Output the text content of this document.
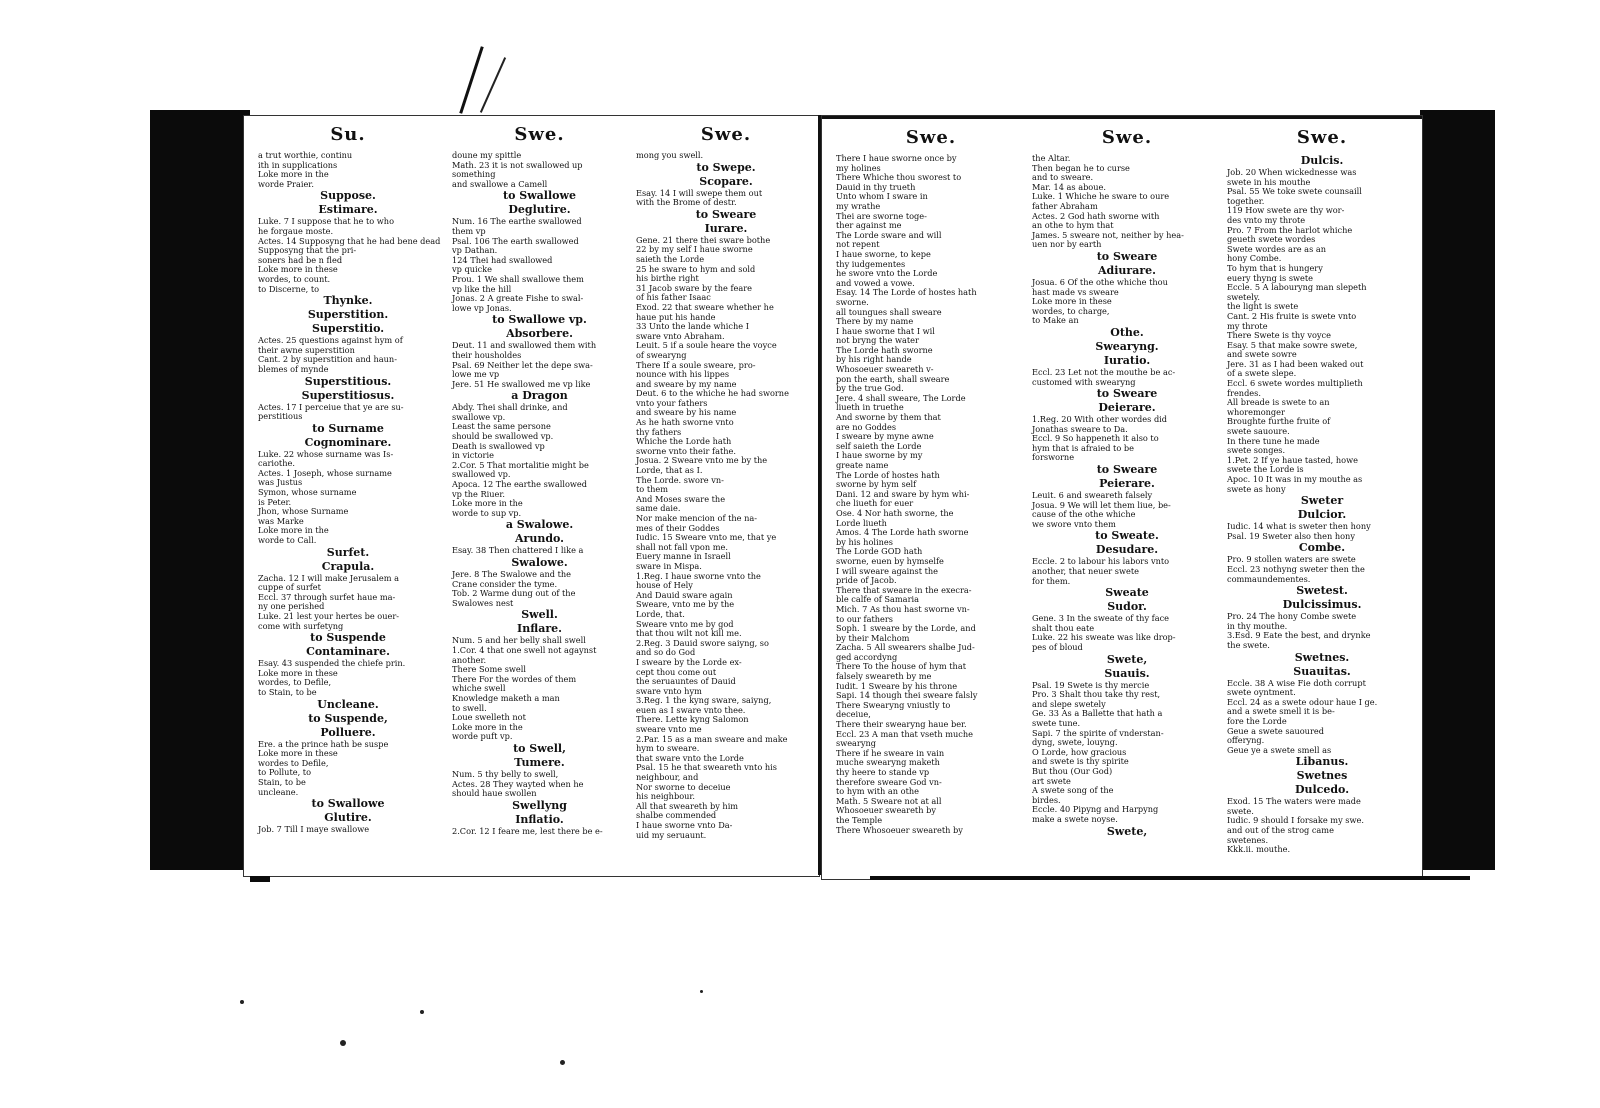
Su.
a trut worthie, continu
ith in supplications
Loke more in the
worde Praier.
Suppose.
Estimare.
Luke. 7 I suppose that he to who
he forgaue moste.
Actes. 14 Supposyng that he had bene dead
Supposyng that the pri-
soners had be n fled
Loke more in these
wordes, to count.
to Discerne, to
Thynke.
Superstition.
Superstitio.
Actes. 25 questions against hym of
their awne superstition
Cant. 2 by superstition and haun-
blemes of mynde
Superstitious.
Superstitiosus.
Actes. 17 I perceiue that ye are su-
perstitious
to Surname
Cognominare.
Luke. 22 whose surname was Is-
cariothe.
Actes. 1 Joseph, whose surname
was Justus
Symon, whose surname
is Peter.
Jhon, whose Surname
was Marke
Loke more in the
worde to Call.
Surfet.
Crapula.
Zacha. 12 I will make Jerusalem a
cuppe of surfet
Eccl. 37 through surfet haue ma-
ny one perished
Luke. 21 lest your hertes be ouer-
come with surfetyng
to Suspende
Contaminare.
Esay. 43 suspended the chiefe prin.
Loke more in these
wordes, to Defile,
to Stain, to be
Uncleane.
to Suspende,
Polluere.
Ere. a the prince hath be suspe
Loke more in these
wordes to Defile,
to Pollute, to
Stain, to be
uncleane.
to Swallowe
Glutire.
Job. 7 Till I maye swallowe
Swe.
doune my spittle
Math. 23 it is not swallowed up
something
and swallowe a Camell
to Swallowe
Deglutire.
Num. 16 The earthe swallowed
them vp
Psal. 106 The earth swallowed
vp Dathan.
124 Thei had swallowed
vp quicke
Prou. 1 We shall swallowe them
vp like the hill
Jonas. 2 A greate Fishe to swal-
lowe vp Jonas.
to Swallowe vp.
Absorbere.
Deut. 11 and swallowed them with
their housholdes
Psal. 69 Neither let the depe swa-
lowe me vp
Jere. 51 He swallowed me vp like
a Dragon
Abdy. Thei shall drinke, and
swallowe vp.
Least the same persone
should be swallowed vp.
Death is swallowed vp
in victorie
2.Cor. 5 That mortalitie might be
swallowed vp.
Apoca. 12 The earthe swallowed
vp the Riuer.
Loke more in the
worde to sup vp.
a Swalowe.
Arundo.
Esay. 38 Then chattered I like a
Swalowe.
Jere. 8 The Swalowe and the
Crane consider the tyme.
Tob. 2 Warme dung out of the
Swalowes nest
Swell.
Inflare.
Num. 5 and her belly shall swell
1.Cor. 4 that one swell not agaynst
another.
There Some swell
There For the wordes of them
whiche swell
Knowledge maketh a man
to swell.
Loue swelleth not
Loke more in the
worde puft vp.
to Swell,
Tumere.
Num. 5 thy belly to swell,
Actes. 28 They wayted when he
should haue swollen
Swellyng
Inflatio.
2.Cor. 12 I feare me, lest there be e-
Swe.
mong you swell.
to Swepe.
Scopare.
Esay. 14 I will swepe them out
with the Brome of destr.
to Sweare
Iurare.
Gene. 21 there thei sware bothe
22 by my self I haue sworne
saieth the Lorde
25 he sware to hym and sold
his birthe right
31 Jacob sware by the feare
of his father Isaac
Exod. 22 that sweare whether he
haue put his hande
33 Unto the lande whiche I
sware vnto Abraham.
Leuit. 5 if a soule heare the voyce
of swearyng
There If a soule sweare, pro-
nounce with his lippes
and sweare by my name
Deut. 6 to the whiche he had sworne
vnto your fathers
and sweare by his name
As he hath sworne vnto
thy fathers
Whiche the Lorde hath
sworne vnto their fathe.
Josua. 2 Sweare vnto me by the
Lorde, that as I.
The Lorde. swore vn-
to them
And Moses sware the
same daie.
Nor make mencion of the na-
mes of their Goddes
Iudic. 15 Sweare vnto me, that ye
shall not fall vpon me.
Euery manne in Israell
sware in Mispa.
1.Reg. I haue sworne vnto the
house of Hely
And Dauid sware again
Sweare, vnto me by the
Lorde, that.
Sweare vnto me by god
that thou wilt not kill me.
2.Reg. 3 Dauid swore saiyng, so
and so do God
I sweare by the Lorde ex-
cept thou come out
the seruauntes of Dauid
sware vnto hym
3.Reg. 1 the kyng sware, saiyng,
euen as I sware vnto thee.
There. Lette kyng Salomon
sweare vnto me
2.Par. 15 as a man sweare and make
hym to sweare.
that sware vnto the Lorde
Psal. 15 he that sweareth vnto his
neighbour, and
Nor sworne to deceiue
his neighbour.
All that sweareth by him
shalbe commended
I haue sworne vnto Da-
uid my seruaunt.
Swe.
There I haue sworne once by
my holines
There Whiche thou sworest to
Dauid in thy trueth
Unto whom I sware in
my wrathe
Thei are sworne toge-
ther against me
The Lorde sware and will
not repent
I haue sworne, to kepe
thy iudgementes
he swore vnto the Lorde
and vowed a vowe.
Esay. 14 The Lorde of hostes hath
sworne.
all toungues shall sweare
There by my name
I haue sworne that I wil
not bryng the water
The Lorde hath sworne
by his right hande
Whosoeuer sweareth v-
pon the earth, shall sweare
by the true God.
Jere. 4 shall sweare, The Lorde
liueth in truethe
And sworne by them that
are no Goddes
I sweare by myne awne
self saieth the Lorde
I haue sworne by my
greate name
The Lorde of hostes hath
sworne by hym self
Dani. 12 and sware by hym whi-
che liueth for euer
Ose. 4 Nor hath sworne, the
Lorde liueth
Amos. 4 The Lorde hath sworne
by his holines
The Lorde GOD hath
sworne, euen by hymselfe
I will sweare against the
pride of Jacob.
There that sweare in the execra-
ble calfe of Samaria
Mich. 7 As thou hast sworne vn-
to our fathers
Soph. 1 sweare by the Lorde, and
by their Malchom
Zacha. 5 All swearers shalbe Jud-
ged accordyng
There To the house of hym that
falsely sweareth by me
Iudit. 1 Sweare by his throne
Sapi. 14 though thei sweare falsly
There Swearyng vniustly to
deceiue,
There their swearyng haue ber.
Eccl. 23 A man that vseth muche
swearyng
There if he sweare in vain
muche swearyng maketh
thy heere to stande vp
therefore sweare God vn-
to hym with an othe
Math. 5 Sweare not at all
Whosoeuer sweareth by
the Temple
There Whosoeuer sweareth by
Swe.
the Altar.
Then began he to curse
and to sweare.
Mar. 14 as aboue.
Luke. 1 Whiche he sware to oure
father Abraham
Actes. 2 God hath sworne with
an othe to hym that
James. 5 sweare not, neither by hea-
uen nor by earth
to Sweare
Adiurare.
Josua. 6 Of the othe whiche thou
hast made vs sweare
Loke more in these
wordes, to charge,
to Make an
Othe.
Swearyng.
Iuratio.
Eccl. 23 Let not the mouthe be ac-
customed with swearyng
to Sweare
Deierare.
1.Reg. 20 With other wordes did
Jonathas sweare to Da.
Eccl. 9 So happeneth it also to
hym that is afraied to be
forsworne
to Sweare
Peierare.
Leuit. 6 and sweareth falsely
Josua. 9 We will let them liue, be-
cause of the othe whiche
we swore vnto them
to Sweate.
Desudare.
Eccle. 2 to labour his labors vnto
another, that neuer swete
for them.
Sweate
Sudor.
Gene. 3 In the sweate of thy face
shalt thou eate
Luke. 22 his sweate was like drop-
pes of bloud
Swete,
Suauis.
Psal. 19 Swete is thy mercie
Pro. 3 Shalt thou take thy rest,
and slepe swetely
Ge. 33 As a Ballette that hath a
swete tune.
Sapi. 7 the spirite of vnderstan-
dyng, swete, louyng.
O Lorde, how gracious
and swete is thy spirite
But thou (Our God)
art swete
A swete song of the
birdes.
Eccle. 40 Pipyng and Harpyng
make a swete noyse.
Swete,
Swe.
Dulcis.
Job. 20 When wickednesse was
swete in his mouthe
Psal. 55 We toke swete counsaill
together.
119 How swete are thy wor-
des vnto my throte
Pro. 7 From the harlot whiche
geueth swete wordes
Swete wordes are as an
hony Combe.
To hym that is hungery
euery thyng is swete
Eccle. 5 A labouryng man slepeth
swetely.
the light is swete
Cant. 2 His fruite is swete vnto
my throte
There Swete is thy voyce
Esay. 5 that make sowre swete,
and swete sowre
Jere. 31 as I had been waked out
of a swete slepe.
Eccl. 6 swete wordes multiplieth
frendes.
All breade is swete to an
whoremonger
Broughte furthe fruite of
swete sauoure.
In there tune he made
swete songes.
1.Pet. 2 If ye haue tasted, howe
swete the Lorde is
Apoc. 10 It was in my mouthe as
swete as hony
Sweter
Dulcior.
Iudic. 14 what is sweter then hony
Psal. 19 Sweter also then hony
Combe.
Pro. 9 stollen waters are swete
Eccl. 23 nothyng sweter then the
commaundementes.
Swetest.
Dulcissimus.
Pro. 24 The hony Combe swete
in thy mouthe.
3.Esd. 9 Eate the best, and drynke
the swete.
Swetnes.
Suauitas.
Eccle. 38 A wise Fie doth corrupt
swete oyntment.
Eccl. 24 as a swete odour haue I ge.
and a swete smell it is be-
fore the Lorde
Geue a swete sauoured
offeryng.
Geue ye a swete smell as
Libanus.
Swetnes
Dulcedo.
Exod. 15 The waters were made
swete.
Iudic. 9 should I forsake my swe.
and out of the strog came
swetenes.
Kkk.ii. mouthe.
